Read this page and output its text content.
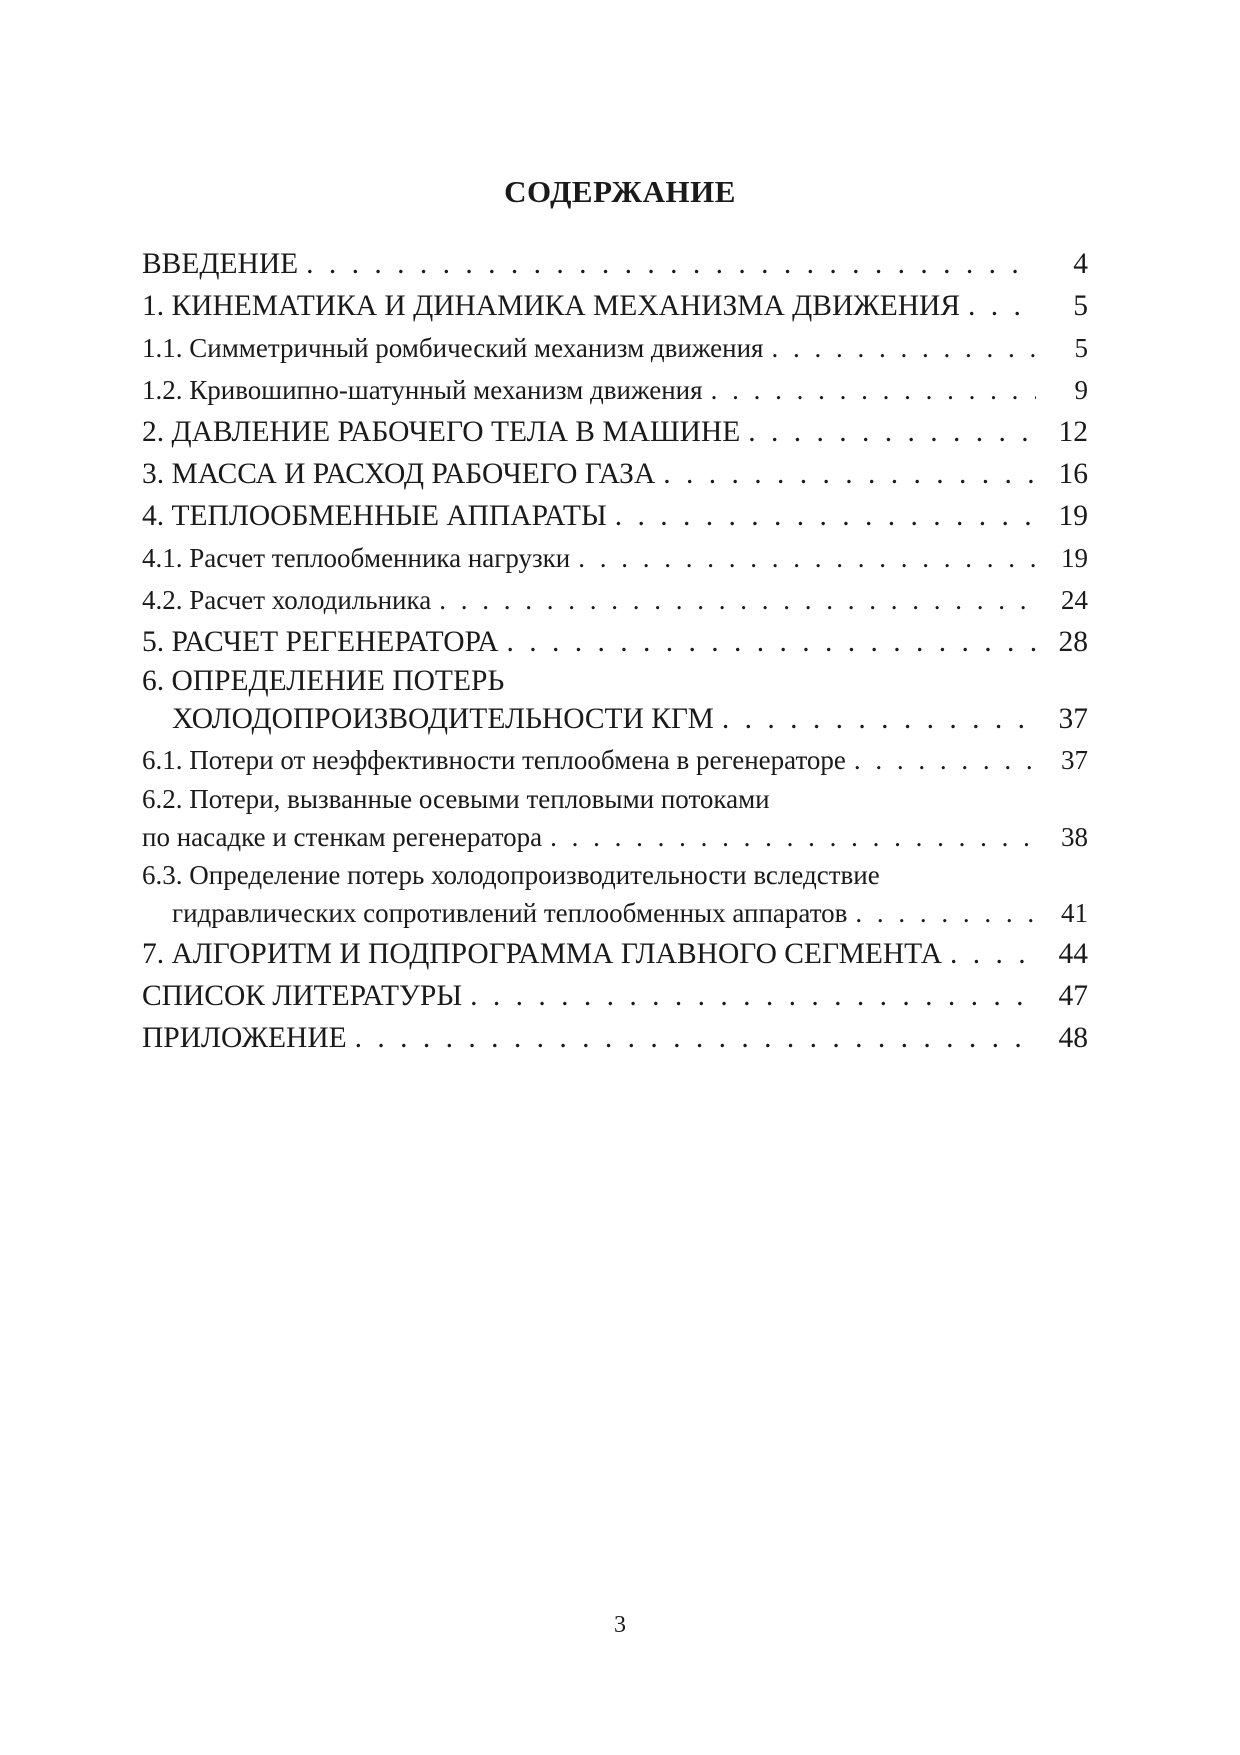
СОДЕРЖАНИЕ
ВВЕДЕНИЕ . . .	4
1. КИНЕМАТИКА И ДИНАМИКА МЕХАНИЗМА ДВИЖЕНИЯ . . .	5
1.1. Симметричный ромбический механизм движения . . .	5
1.2. Кривошипно-шатунный механизм движения . . .	9
2. ДАВЛЕНИЕ РАБОЧЕГО ТЕЛА В МАШИНЕ . . .	12
3. МАССА И РАСХОД РАБОЧЕГО ГАЗА . . .	16
4. ТЕПЛООБМЕННЫЕ АППАРАТЫ . . .	19
4.1. Расчет теплообменника нагрузки . . .	19
4.2. Расчет холодильника . . .	24
5. РАСЧЕТ РЕГЕНЕРАТОРА . . .	28
6. ОПРЕДЕЛЕНИЕ ПОТЕРЬ
ХОЛОДОПРОИЗВОДИТЕЛЬНОСТИ КГМ . . .	37
6.1. Потери от неэффективности теплообмена в регенераторе . . .	37
6.2. Потери, вызванные осевыми тепловыми потоками
по насадке и стенкам регенератора . . .	38
6.3. Определение потерь холодопроизводительности вследствие
гидравлических сопротивлений теплообменных аппаратов . . .	41
7. АЛГОРИТМ И ПОДПРОГРАММА ГЛАВНОГО СЕГМЕНТА . . .	44
СПИСОК ЛИТЕРАТУРЫ . . .	47
ПРИЛОЖЕНИЕ . . .	48
3
